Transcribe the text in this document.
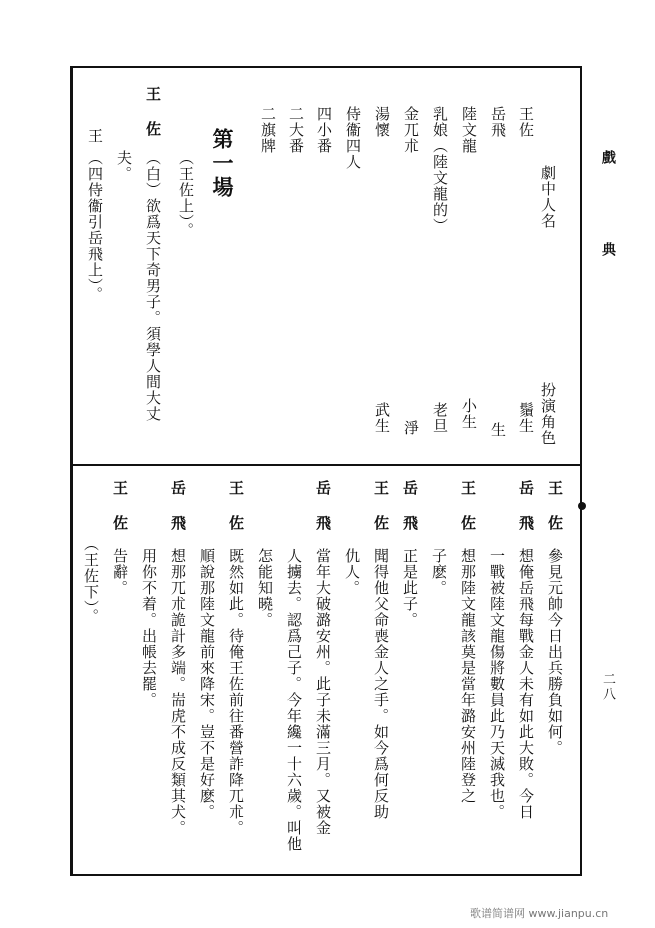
戲
典
二八
劇中人名
扮演角色
王佐
鬚生
岳飛
生
陸文龍
小生
乳娘（陸文龍的）
老旦
金兀朮
淨
湯懷
武生
侍衞四人
四小番
二大番
二旗牌
第一場
（王佐上）。
王佐
（白）欲爲天下奇男子。須學人間大丈
夫。
王
（四侍衞引岳飛上）。
王佐
參見元帥今日出兵勝負如何。
岳飛
想俺岳飛每戰金人未有如此大敗。今日
一戰被陸文龍傷將數員此乃天滅我也。
王佐
想那陸文龍該莫是當年潞安州陸登之
子麽。
岳飛
正是此子。
王佐
聞得他父命喪金人之手。如今爲何反助
仇人。
岳飛
當年大破潞安州。此子未滿三月。又被金
人擄去。認爲己子。今年纔一十六歲。叫他
怎能知曉。
王佐
既然如此。待俺王佐前往番營詐降兀朮。
順說那陸文龍前來降宋。豈不是好麽。
岳飛
想那兀朮詭計多端。耑虎不成反類其犬。
用你不着。出帳去罷。
王佐
告辭。
（王佐下）。
歌谱简谱网 www.jianpu.cn
